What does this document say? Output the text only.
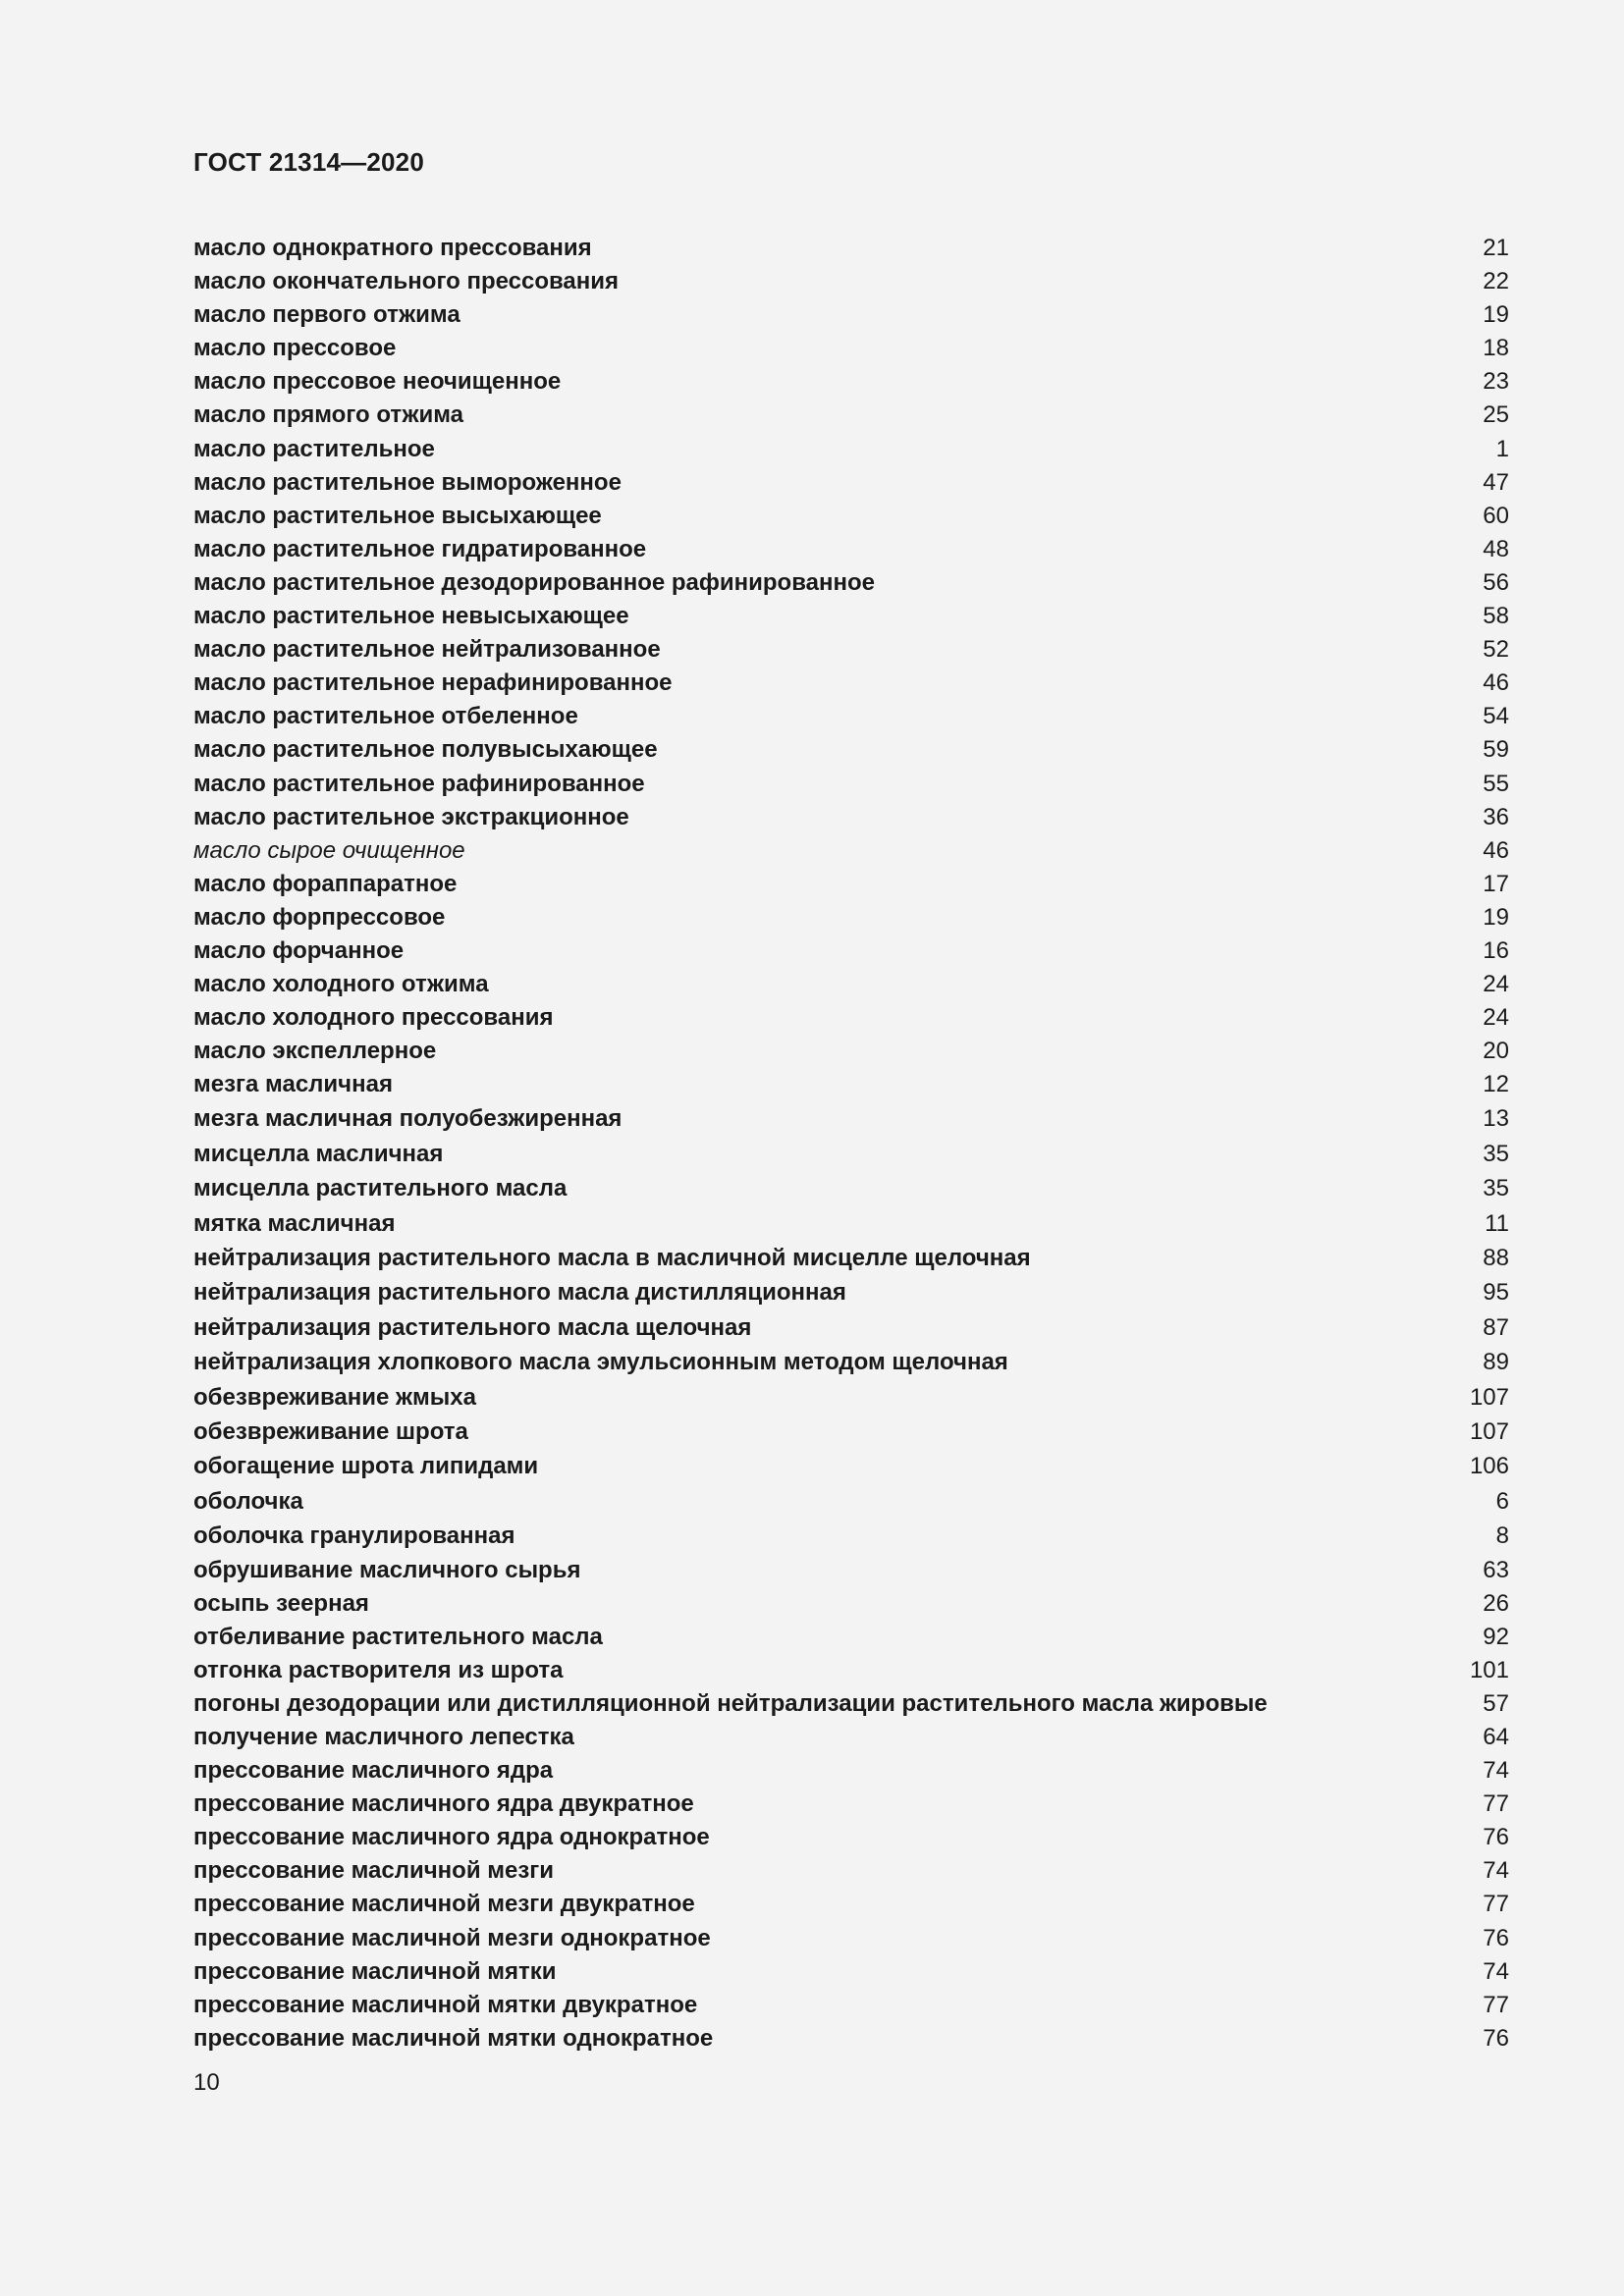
ГОСТ 21314—2020
масло однократного прессования	21
масло окончательного прессования	22
масло первого отжима	19
масло прессовое	18
масло прессовое неочищенное	23
масло прямого отжима	25
масло растительное	1
масло растительное вымороженное	47
масло растительное высыхающее	60
масло растительное гидратированное	48
масло растительное дезодорированное рафинированное	56
масло растительное невысыхающее	58
масло растительное нейтрализованное	52
масло растительное нерафинированное	46
масло растительное отбеленное	54
масло растительное полувысыхающее	59
масло растительное рафинированное	55
масло растительное экстракционное	36
масло сырое очищенное	46
масло фораппаратное	17
масло форпрессовое	19
масло форчанное	16
масло холодного отжима	24
масло холодного прессования	24
масло экспеллерное	20
мезга масличная	12
мезга масличная полуобезжиренная	13
мисцелла масличная	35
мисцелла растительного масла	35
мятка масличная	11
нейтрализация растительного масла в масличной мисцелле щелочная	88
нейтрализация растительного масла дистилляционная	95
нейтрализация растительного масла щелочная	87
нейтрализация хлопкового масла эмульсионным методом щелочная	89
обезвреживание жмыха	107
обезвреживание шрота	107
обогащение шрота липидами	106
оболочка	6
оболочка гранулированная	8
обрушивание масличного сырья	63
осыпь зеерная	26
отбеливание растительного масла	92
отгонка растворителя из шрота	101
погоны дезодорации или дистилляционной нейтрализации растительного масла жировые	57
получение масличного лепестка	64
прессование масличного ядра	74
прессование масличного ядра двукратное	77
прессование масличного ядра однократное	76
прессование масличной мезги	74
прессование масличной мезги двукратное	77
прессование масличной мезги однократное	76
прессование масличной мятки	74
прессование масличной мятки двукратное	77
прессование масличной мятки однократное	76
10
